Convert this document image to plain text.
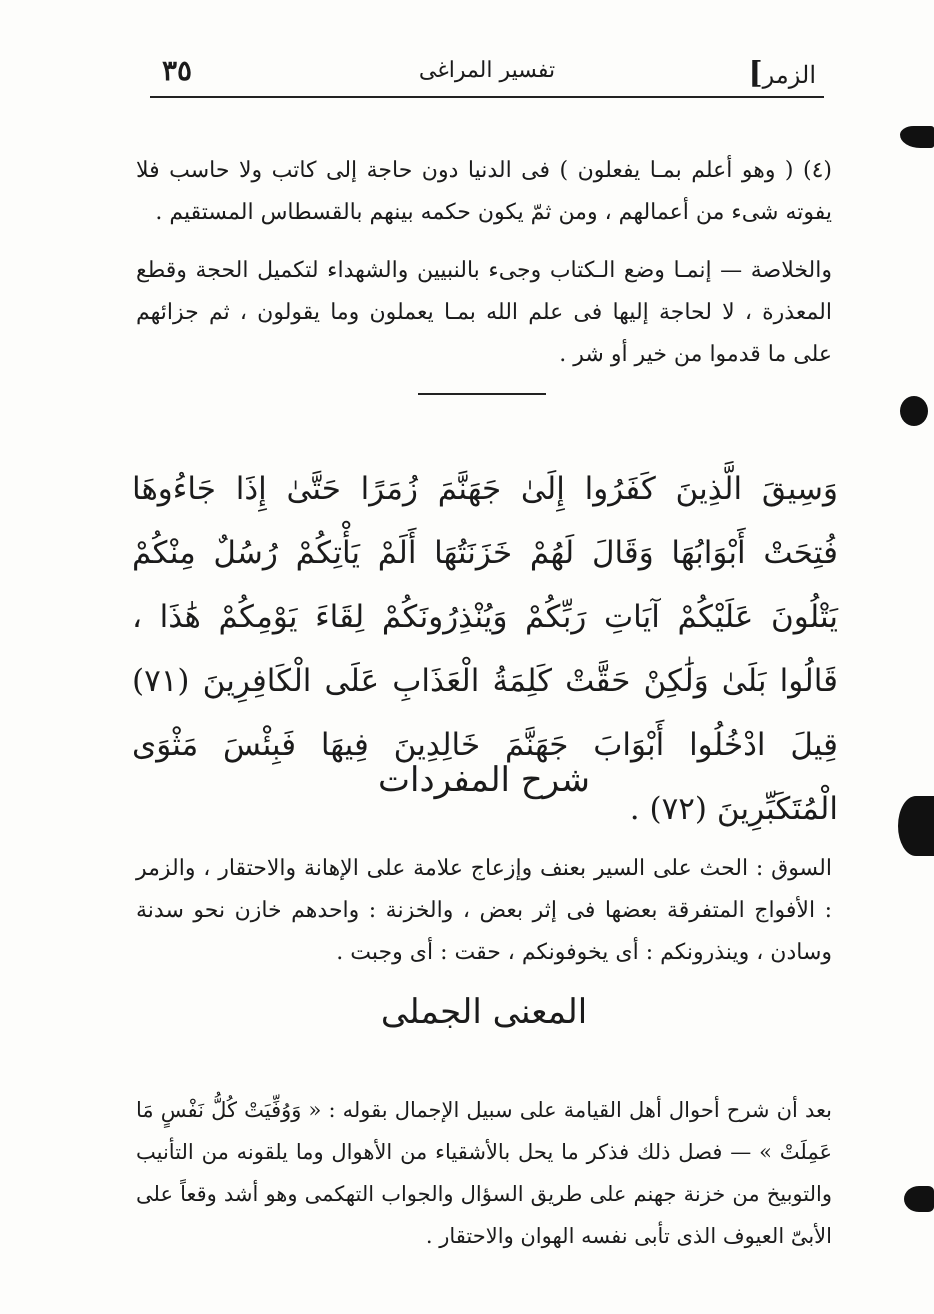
الزمر]
تفسير المراغى
٣٥

(٤) ( وهو أعلم بمـا يفعلون ) فى الدنيا دون حاجة إلى كاتب ولا حاسب فلا يفوته شىء من أعمالهم ، ومن ثمّ يكون حكمه بينهم بالقسطاس المستقيم .

والخلاصة — إنمـا وضع الـكتاب وجىء بالنبيين والشهداء لتكميل الحجة وقطع المعذرة ، لا لحاجة إليها فى علم الله بمـا يعملون وما يقولون ، ثم جزائهم على ما قدموا من خير أو شر .

وَسِيقَ الَّذِينَ كَفَرُوا إِلَىٰ جَهَنَّمَ زُمَرًا حَتَّىٰ إِذَا جَاءُوهَا فُتِحَتْ أَبْوَابُهَا وَقَالَ لَهُمْ خَزَنَتُهَا أَلَمْ يَأْتِكُمْ رُسُلٌ مِنْكُمْ يَتْلُونَ عَلَيْكُمْ آيَاتِ رَبِّكُمْ وَيُنْذِرُونَكُمْ لِقَاءَ يَوْمِكُمْ هَٰذَا ، قَالُوا بَلَىٰ وَلَٰكِنْ حَقَّتْ كَلِمَةُ الْعَذَابِ عَلَى الْكَافِرِينَ (٧١) قِيلَ ادْخُلُوا أَبْوَابَ جَهَنَّمَ خَالِدِينَ فِيهَا فَبِئْسَ مَثْوَى الْمُتَكَبِّرِينَ (٧٢) .

شرح المفردات

السوق : الحث على السير بعنف وإزعاج علامة على الإهانة والاحتقار ، والزمر : الأفواج المتفرقة بعضها فى إثر بعض ، والخزنة : واحدهم خازن نحو سدنة وسادن ، وينذرونكم : أى يخوفونكم ، حقت : أى وجبت .

المعنى الجملى

بعد أن شرح أحوال أهل القيامة على سبيل الإجمال بقوله : « وَوُفِّيَتْ كُلُّ نَفْسٍ مَا عَمِلَتْ » — فصل ذلك فذكر ما يحل بالأشقياء من الأهوال وما يلقونه من التأنيب والتوبيخ من خزنة جهنم على طريق السؤال والجواب التهكمى وهو أشد وقعاً على الأبىّ العيوف الذى تأبى نفسه الهوان والاحتقار .
